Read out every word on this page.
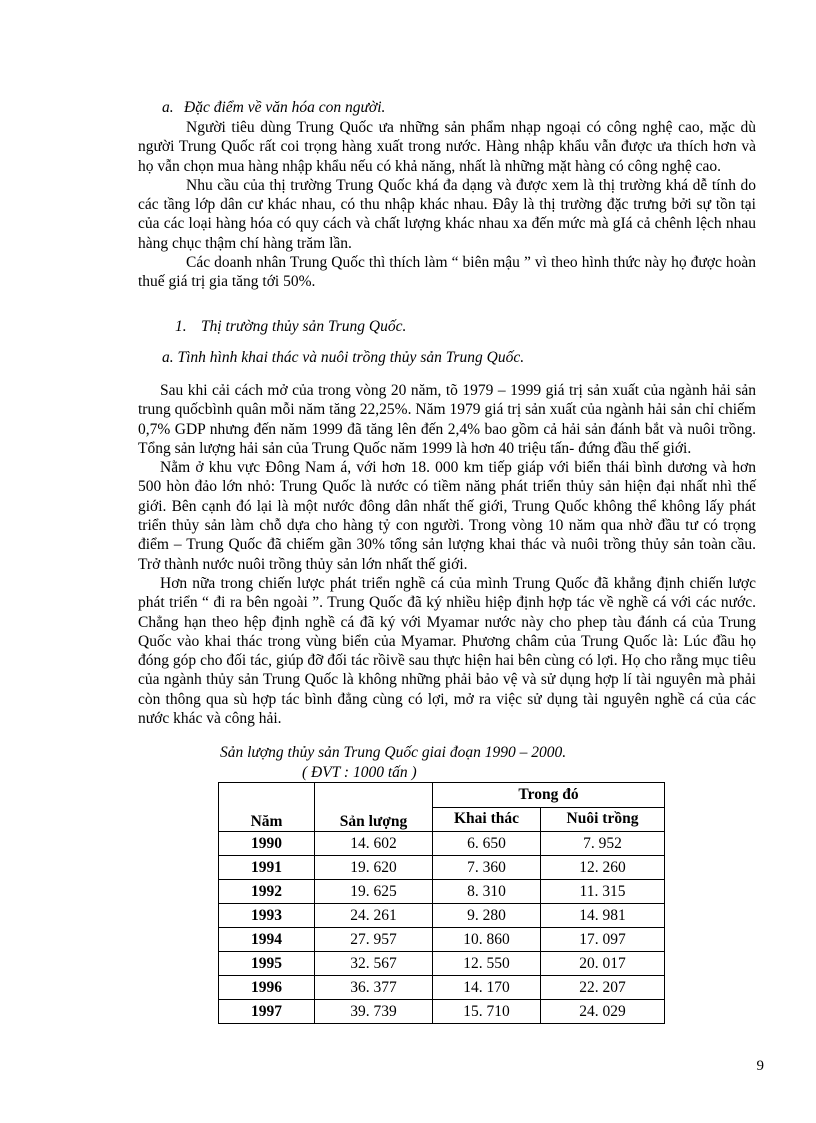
a. Đặc điểm về văn hóa con người.

Người tiêu dùng Trung Quốc ưa những sản phẩm nhạp ngoại có công nghệ cao, mặc dù người Trung Quốc rất coi trọng hàng xuất trong nước. Hàng nhập khẩu vẫn được ưa thích hơn và họ vẫn chọn mua hàng nhập khẩu nếu có khả năng, nhất là những mặt hàng có công nghệ cao.

Nhu cầu của thị trường Trung Quốc khá đa dạng và được xem là thị trường khá dễ tính do các tầng lớp dân cư khác nhau, có thu nhập khác nhau. Đây là thị trường đặc trưng bởi sự tồn tại của các loại hàng hóa có quy cách và chất lượng khác nhau xa đến mức mà gIá cả chênh lệch nhau hàng chục thậm chí hàng trăm lần.

Các doanh nhân Trung Quốc thì thích làm “ biên mậu ” vì theo hình thức này họ được hoàn thuế giá trị gia tăng tới 50%.

1. Thị trường thủy sản Trung Quốc.
a. Tình hình khai thác và nuôi trồng thủy sản Trung Quốc.

Sau khi cải cách mở của trong vòng 20 năm, tõ 1979 – 1999 giá trị sản xuất của ngành hải sản trung quốcbình quân mỗi năm tăng 22,25%. Năm 1979 giá trị sản xuất của ngành hải sản chỉ chiếm 0,7% GDP nhưng đến năm 1999 đã tăng lên đến 2,4% bao gồm cả hải sản đánh bắt và nuôi trồng. Tổng sản lượng hải sản của Trung Quốc năm 1999 là hơn 40 triệu tấn- đứng đầu thế giới.

Nằm ở khu vực Đông Nam á, với hơn 18. 000 km tiếp giáp với biển thái bình dương và hơn 500 hòn đảo lớn nhỏ: Trung Quốc là nước có tiềm năng phát triển thủy sản hiện đại nhất nhì thế giới. Bên cạnh đó lại là một nước đông dân nhất thế giới, Trung Quốc không thể không lấy phát triển thủy sản làm chỗ dựa cho hàng tỷ con người. Trong vòng 10 năm qua nhờ đầu tư có trọng điểm – Trung Quốc đã chiếm gần 30% tổng sản lượng khai thác và nuôi trồng thủy sản toàn cầu. Trở thành nước nuôi trồng thủy sản lớn nhất thế giới.

Hơn nữa trong chiến lược phát triển nghề cá của mình Trung Quốc đã khẳng định chiến lược phát triển “ đi ra bên ngoài ”. Trung Quốc đã ký nhiều hiệp định hợp tác về nghề cá với các nước. Chẳng hạn theo hệp định nghề cá đã ký với Myamar nước này cho phep tàu đánh cá của Trung Quốc vào khai thác trong vùng biển của Myamar. Phương châm của Trung Quốc là: Lúc đầu họ đóng góp cho đối tác, giúp đỡ đối tác rồivề sau thực hiện hai bên cùng có lợi. Họ cho rằng mục tiêu của ngành thủy sản Trung Quốc là không những phải bảo vệ và sử dụng hợp lí tài nguyên mà phải còn thông qua sù hợp tác bình đẳng cùng có lợi, mở ra việc sử dụng tài nguyên nghề cá của các nước khác và công hải.

Sản lượng thủy sản Trung Quốc giai đoạn 1990 – 2000.
( ĐVT : 1000 tấn )
Năm	Sản lượng	Trong đó	
		Khai thác	Nuôi trồng
1990	14. 602	6. 650	7. 952
1991	19. 620	7. 360	12. 260
1992	19. 625	8. 310	11. 315
1993	24. 261	9. 280	14. 981
1994	27. 957	10. 860	17. 097
1995	32. 567	12. 550	20. 017
1996	36. 377	14. 170	22. 207
1997	39. 739	15. 710	24. 029
9
